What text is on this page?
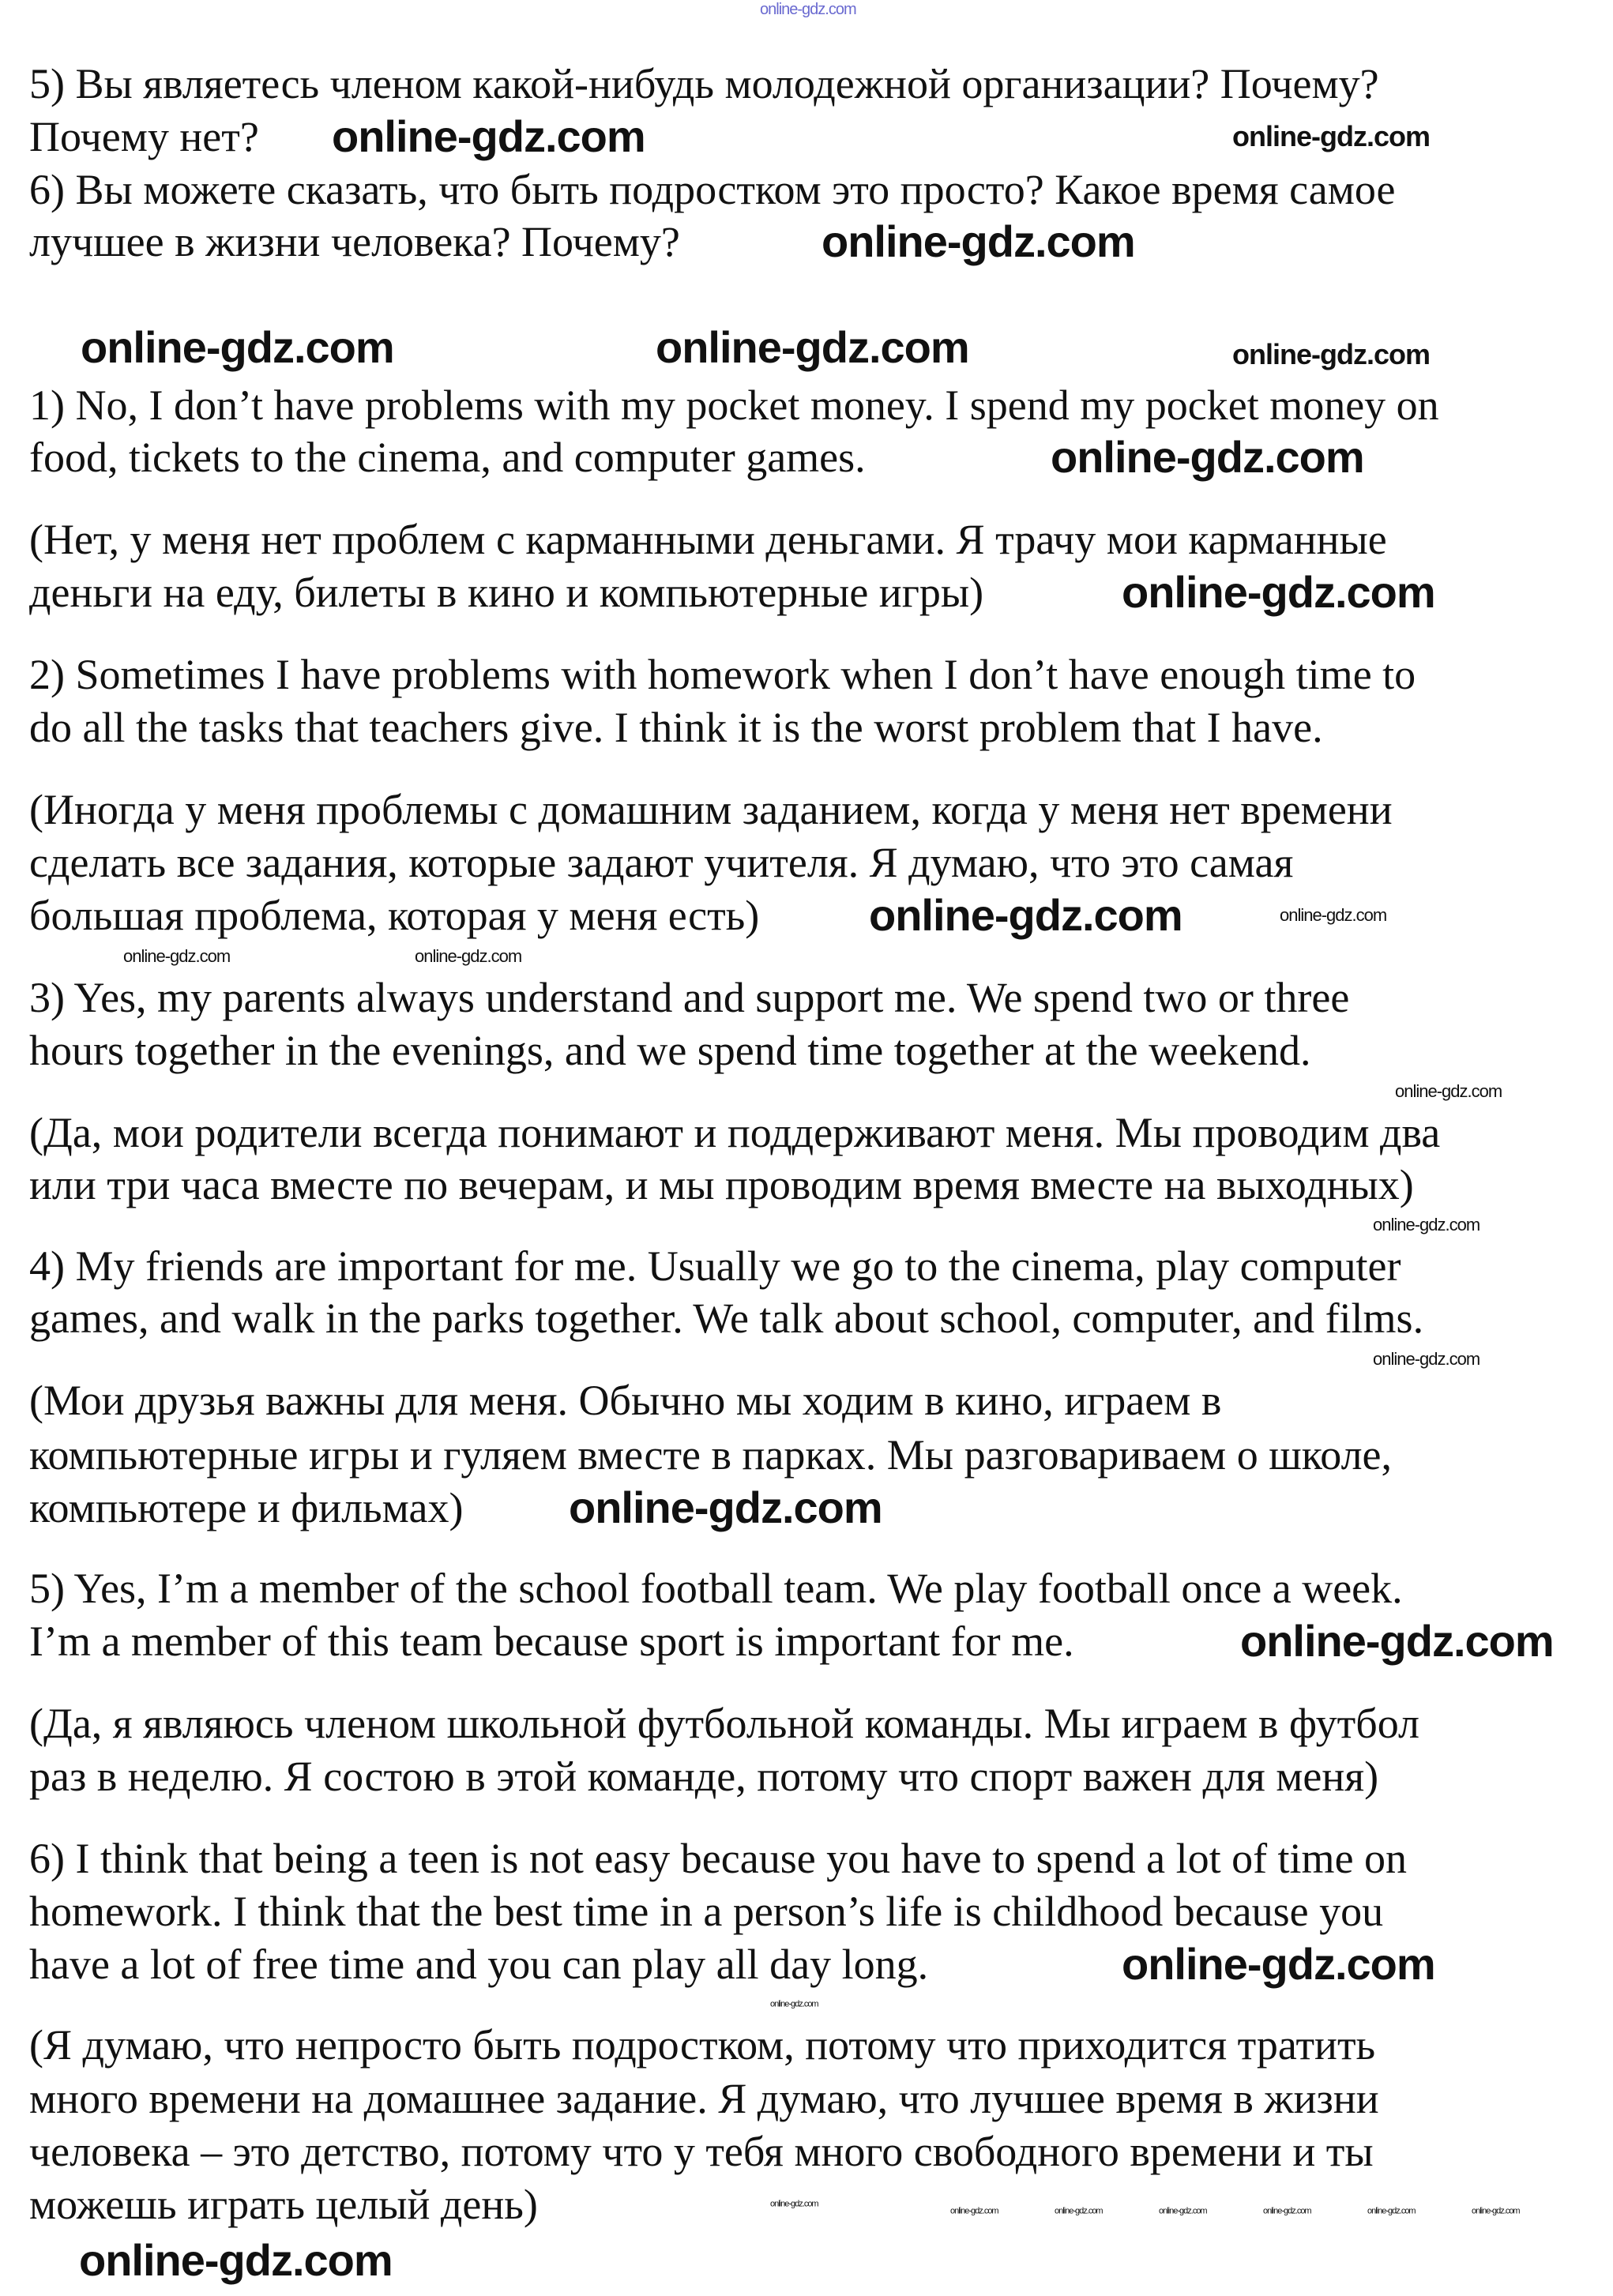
online-gdz.com
5) Вы являетесь членом какой-нибудь молодежной организации? Почему?
Почему нет?
6) Вы можете сказать, что быть подростком это просто? Какое время самое
лучшее в жизни человека? Почему?
1) No, I don’t have problems with my pocket money. I spend my pocket money on
food, tickets to the cinema, and computer games.
(Нет, у меня нет проблем с карманными деньгами. Я трачу мои карманные
деньги на еду, билеты в кино и компьютерные игры)
2) Sometimes I have problems with homework when I don’t have enough time to
do all the tasks that teachers give. I think it is the worst problem that I have.
(Иногда у меня проблемы с домашним заданием, когда у меня нет времени
сделать все задания, которые задают учителя. Я думаю, что это самая
большая проблема, которая у меня есть)
3) Yes, my parents always understand and support me. We spend two or three
hours together in the evenings, and we spend time together at the weekend.
(Да, мои родители всегда понимают и поддерживают меня. Мы проводим два
или три часа вместе по вечерам, и мы проводим время вместе на выходных)
4) My friends are important for me. Usually we go to the cinema, play computer
games, and walk in the parks together. We talk about school, computer, and films.
(Мои друзья важны для меня. Обычно мы ходим в кино, играем в
компьютерные игры и гуляем вместе в парках. Мы разговариваем о школе,
компьютере и фильмах)
5) Yes, I’m a member of the school football team. We play football once a week.
I’m a member of this team because sport is important for me.
(Да, я являюсь членом школьной футбольной команды. Мы играем в футбол
раз в неделю. Я состою в этой команде, потому что спорт важен для меня)
6) I think that being a teen is not easy because you have to spend a lot of time on
homework. I think that the best time in a person’s life is childhood because you
have a lot of free time and you can play all day long.
(Я думаю, что непросто быть подростком, потому что приходится тратить
много времени на домашнее задание. Я думаю, что лучшее время в жизни
человека – это детство, потому что у тебя много свободного времени и ты
можешь играть целый день)
online-gdz.com	online-gdz.com
online-gdz.com
online-gdz.com	online-gdz.com	online-gdz.com
online-gdz.com
online-gdz.com
online-gdz.com	online-gdz.com
online-gdz.com	online-gdz.com
online-gdz.com
online-gdz.com
online-gdz.com
online-gdz.com
online-gdz.com
online-gdz.com
online-gdz.com
online-gdz.com
online-gdz.com	online-gdz.com	online-gdz.com	online-gdz.com	online-gdz.com	online-gdz.com
online-gdz.com
